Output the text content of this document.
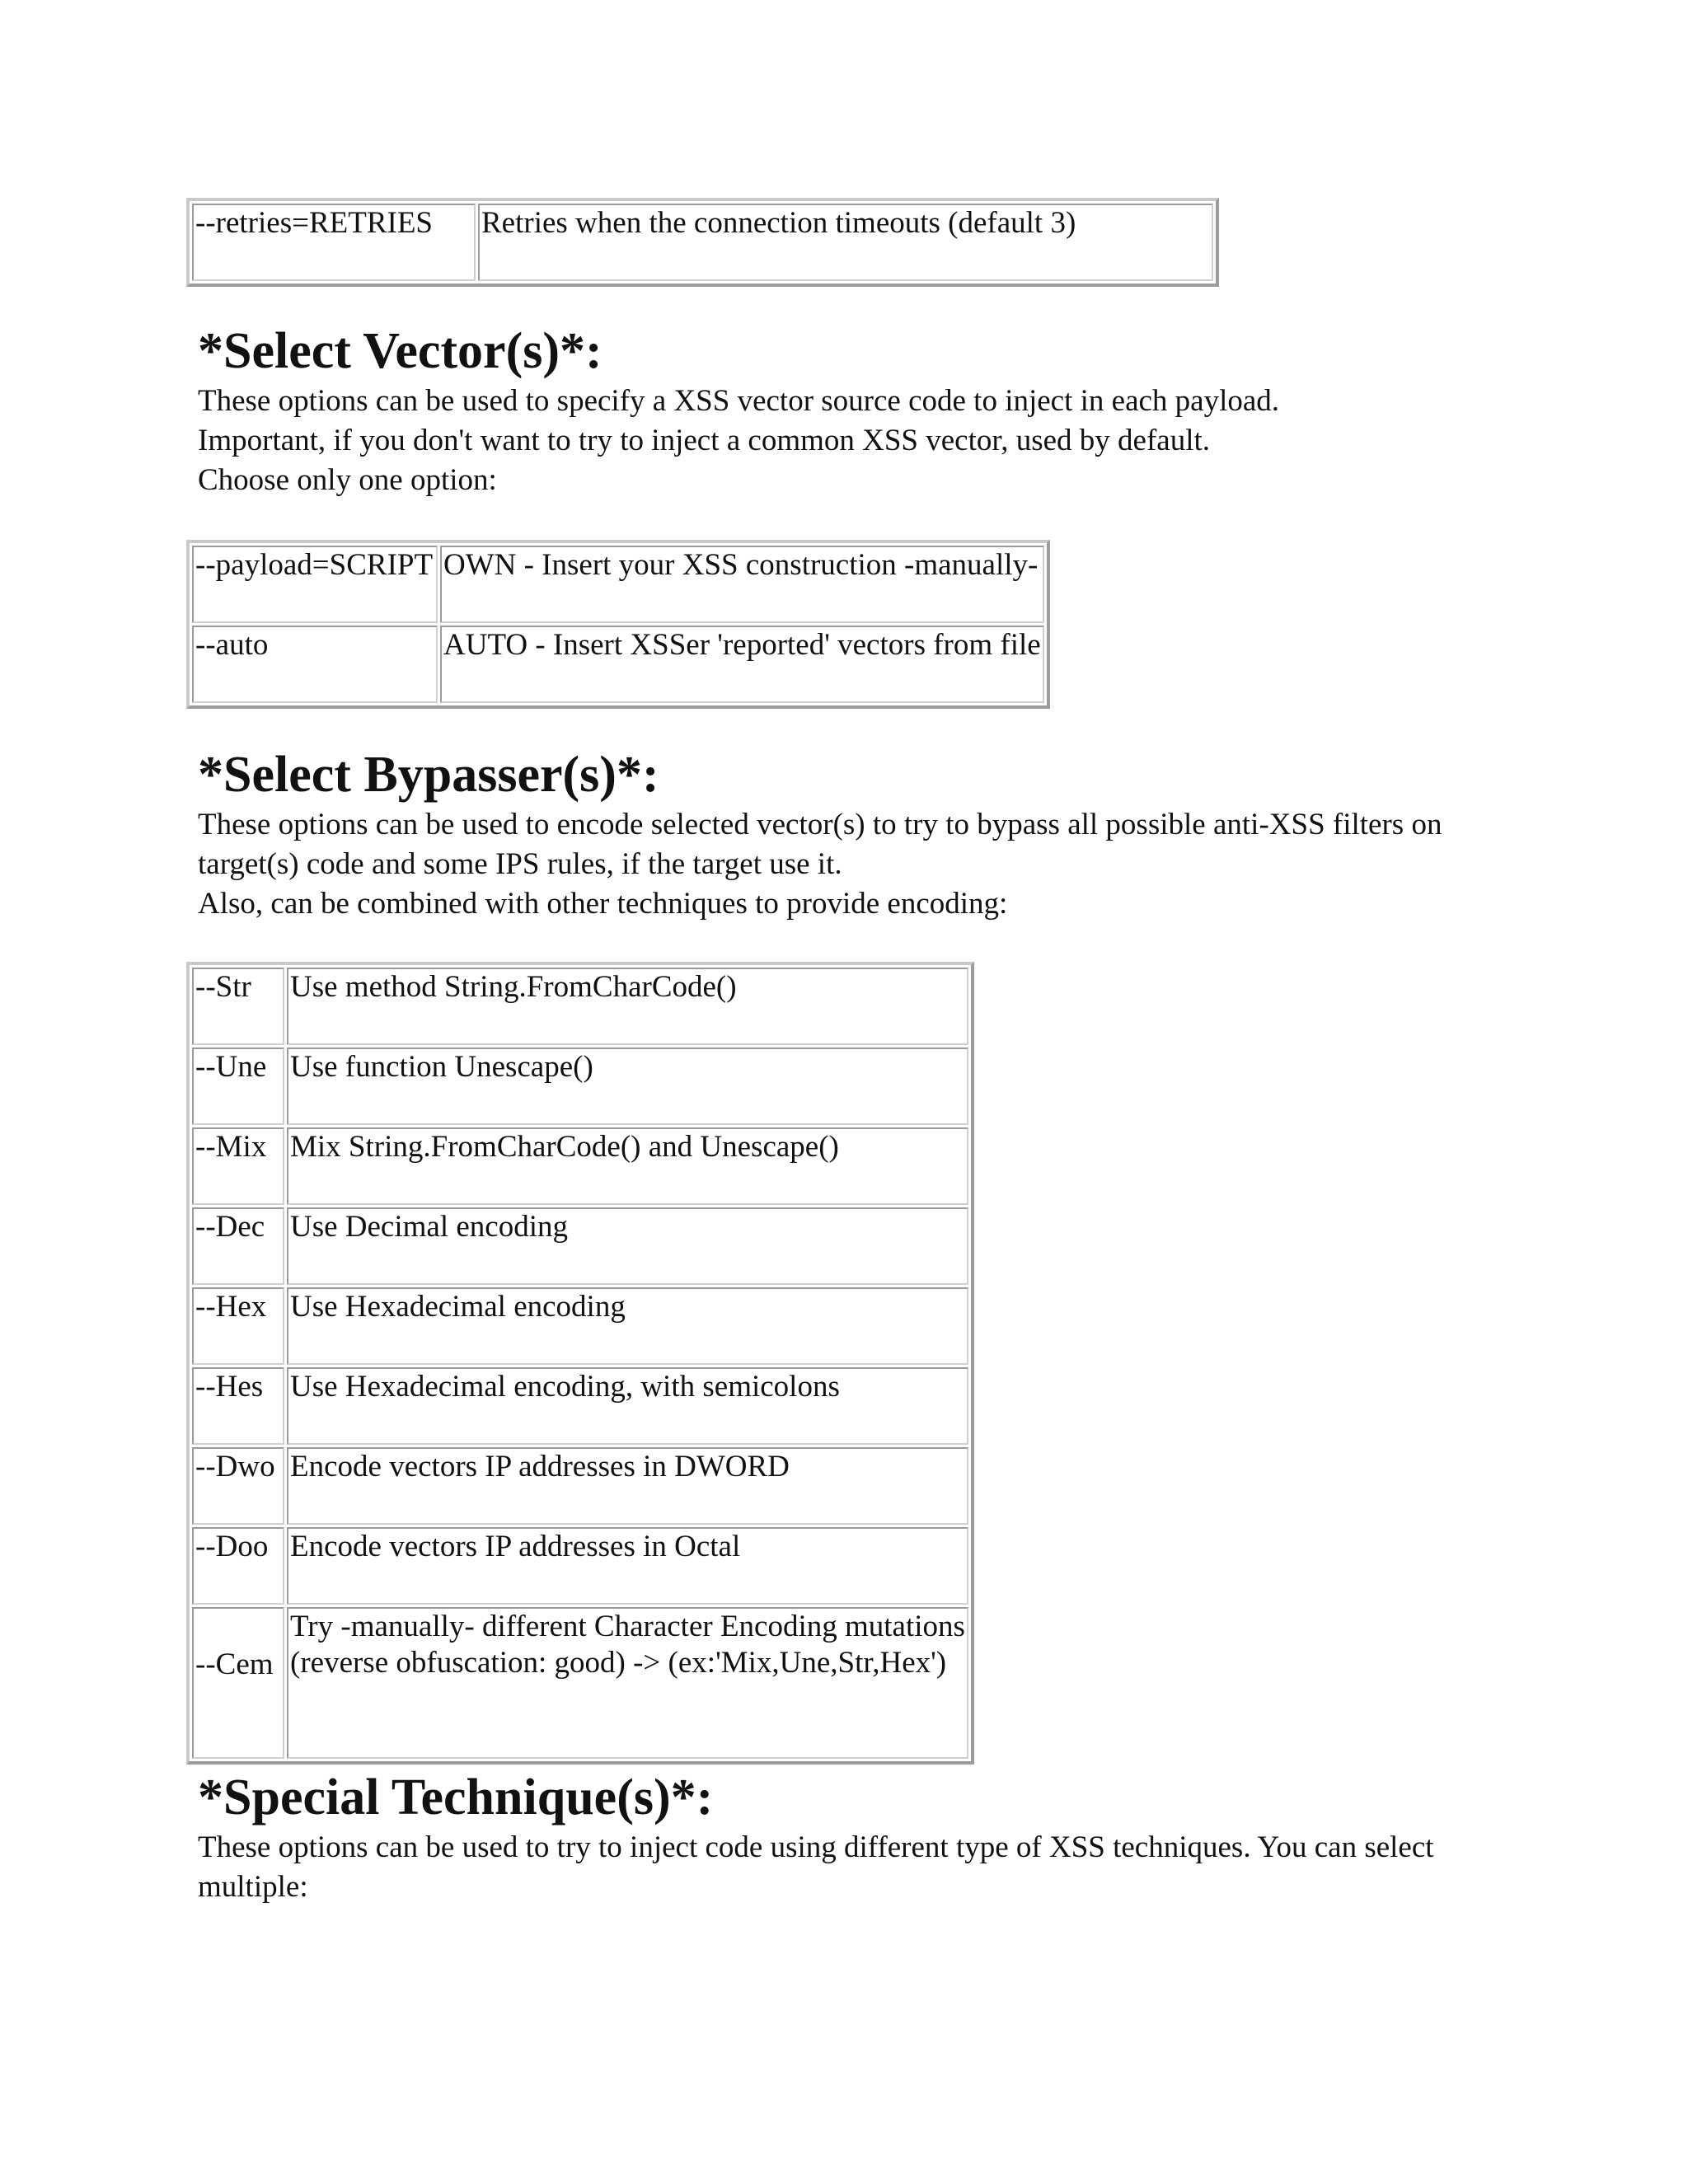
--retries=RETRIES	Retries when the connection timeouts (default 3)
*Select Vector(s)*:
These options can be used to specify a XSS vector source code to inject in each payload.
Important, if you don't want to try to inject a common XSS vector, used by default.
Choose only one option:
--payload=SCRIPT	OWN - Insert your XSS construction -manually-
--auto	AUTO - Insert XSSer 'reported' vectors from file
*Select Bypasser(s)*:
These options can be used to encode selected vector(s) to try to bypass all possible anti-XSS filters on
target(s) code and some IPS rules, if the target use it.
Also, can be combined with other techniques to provide encoding:
--Str	Use method String.FromCharCode()
--Une	Use function Unescape()
--Mix	Mix String.FromCharCode() and Unescape()
--Dec	Use Decimal encoding
--Hex	Use Hexadecimal encoding
--Hes	Use Hexadecimal encoding, with semicolons
--Dwo	Encode vectors IP addresses in DWORD
--Doo	Encode vectors IP addresses in Octal
--Cem	Try -manually- different Character Encoding mutations
(reverse obfuscation: good) -> (ex:'Mix,Une,Str,Hex')
*Special Technique(s)*:
These options can be used to try to inject code using different type of XSS techniques. You can select
multiple:
